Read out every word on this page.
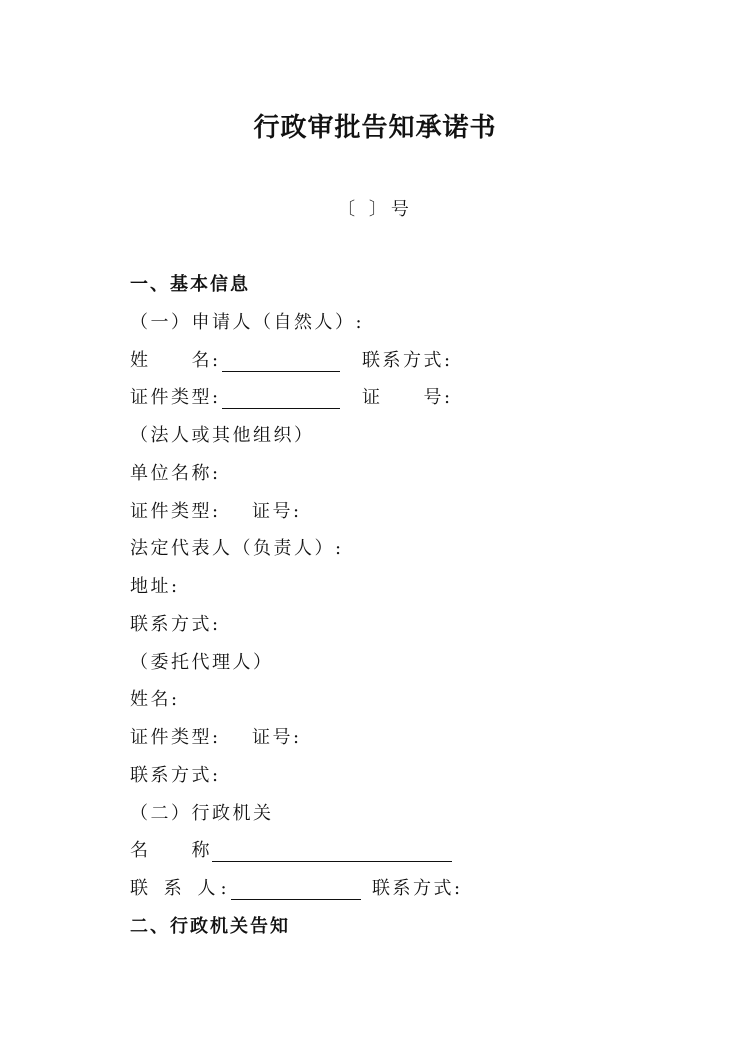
行政审批告知承诺书
〔 〕号
一、基本信息
（一）申请人（自然人）:
姓　　名:	联系方式:
证件类型:	证　　号:
（法人或其他组织）
单位名称:
证件类型: 证号:
法定代表人（负责人）:
地址:
联系方式:
（委托代理人）
姓名:
证件类型: 证号:
联系方式:
（二）行政机关
名　　称
联 系 人:	联系方式:
二、行政机关告知
